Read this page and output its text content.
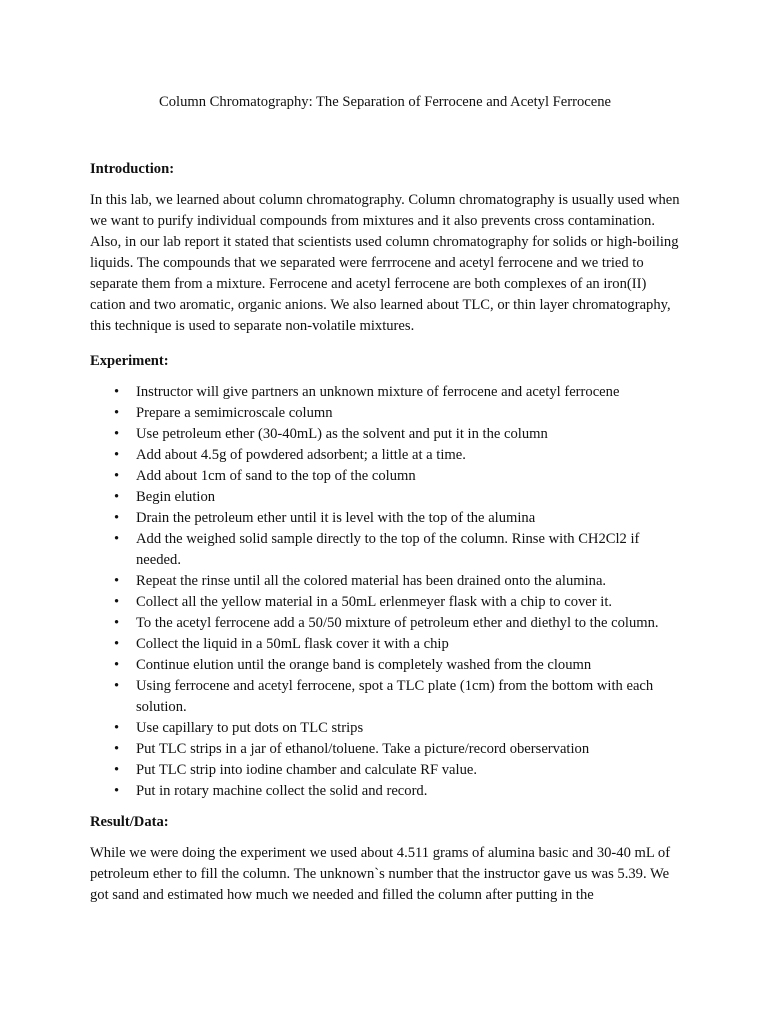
Column Chromatography: The Separation of Ferrocene and Acetyl Ferrocene
Introduction:
In this lab, we learned about column chromatography. Column chromatography is usually used when we want to purify individual compounds from mixtures and it also prevents cross contamination. Also, in our lab report it stated that scientists used column chromatography for solids or high-boiling liquids. The compounds that we separated were ferrrocene and acetyl ferrocene and we tried to separate them from a mixture. Ferrocene and acetyl ferrocene are both complexes of an iron(II) cation and two aromatic, organic anions. We also learned about TLC, or thin layer chromatography, this technique is used to separate non-volatile mixtures.
Experiment:
• Instructor will give partners an unknown mixture of ferrocene and acetyl ferrocene
• Prepare a semimicroscale column
• Use petroleum ether (30-40mL) as the solvent and put it in the column
• Add about 4.5g of powdered adsorbent; a little at a time.
• Add about 1cm of sand to the top of the column
• Begin elution
• Drain the petroleum ether until it is level with the top of the alumina
• Add the weighed solid sample directly to the top of the column. Rinse with CH2Cl2 if needed.
• Repeat the rinse until all the colored material has been drained onto the alumina.
• Collect all the yellow material in a 50mL erlenmeyer flask with a chip to cover it.
• To the acetyl ferrocene add a 50/50 mixture of petroleum ether and diethyl to the column.
• Collect the liquid in a 50mL flask cover it with a chip
• Continue elution until the orange band is completely washed from the cloumn
• Using ferrocene and acetyl ferrocene, spot a TLC plate (1cm) from the bottom with each solution.
• Use capillary to put dots on TLC strips
• Put TLC strips in a jar of ethanol/toluene. Take a picture/record oberservation
• Put TLC strip into iodine chamber and calculate RF value.
• Put in rotary machine collect the solid and record.
Result/Data:
While we were doing the experiment we used about 4.511 grams of alumina basic and 30-40 mL of petroleum ether to fill the column. The unknown`s number that the instructor gave us was 5.39. We got sand and estimated how much we needed and filled the column after putting in the
